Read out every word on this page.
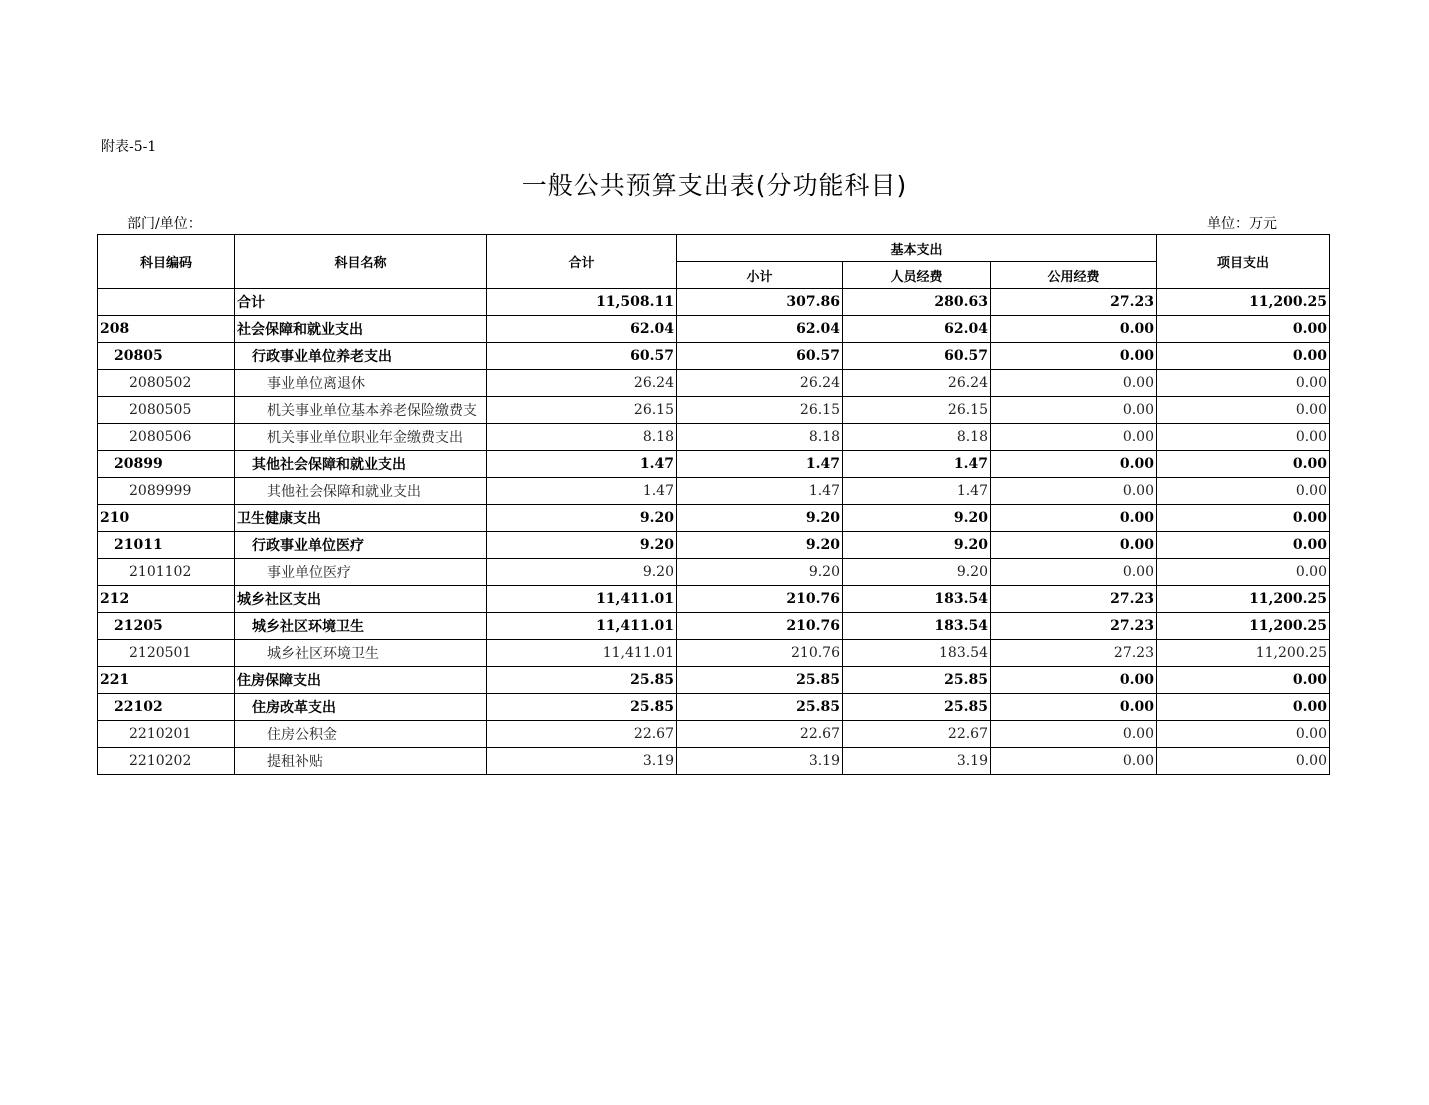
附表-5-1
一般公共预算支出表(分功能科目)
部门/单位：	单位：万元
科目编码	科目名称	合计	基本支出			项目支出
			小计	人员经费	公用经费	
	合计	11,508.11	307.86	280.63	27.23	11,200.25
208	社会保障和就业支出	62.04	62.04	62.04	0.00	0.00
20805	行政事业单位养老支出	60.57	60.57	60.57	0.00	0.00
2080502	事业单位离退休	26.24	26.24	26.24	0.00	0.00
2080505	机关事业单位基本养老保险缴费支	26.15	26.15	26.15	0.00	0.00
2080506	机关事业单位职业年金缴费支出	8.18	8.18	8.18	0.00	0.00
20899	其他社会保障和就业支出	1.47	1.47	1.47	0.00	0.00
2089999	其他社会保障和就业支出	1.47	1.47	1.47	0.00	0.00
210	卫生健康支出	9.20	9.20	9.20	0.00	0.00
21011	行政事业单位医疗	9.20	9.20	9.20	0.00	0.00
2101102	事业单位医疗	9.20	9.20	9.20	0.00	0.00
212	城乡社区支出	11,411.01	210.76	183.54	27.23	11,200.25
21205	城乡社区环境卫生	11,411.01	210.76	183.54	27.23	11,200.25
2120501	城乡社区环境卫生	11,411.01	210.76	183.54	27.23	11,200.25
221	住房保障支出	25.85	25.85	25.85	0.00	0.00
22102	住房改革支出	25.85	25.85	25.85	0.00	0.00
2210201	住房公积金	22.67	22.67	22.67	0.00	0.00
2210202	提租补贴	3.19	3.19	3.19	0.00	0.00
